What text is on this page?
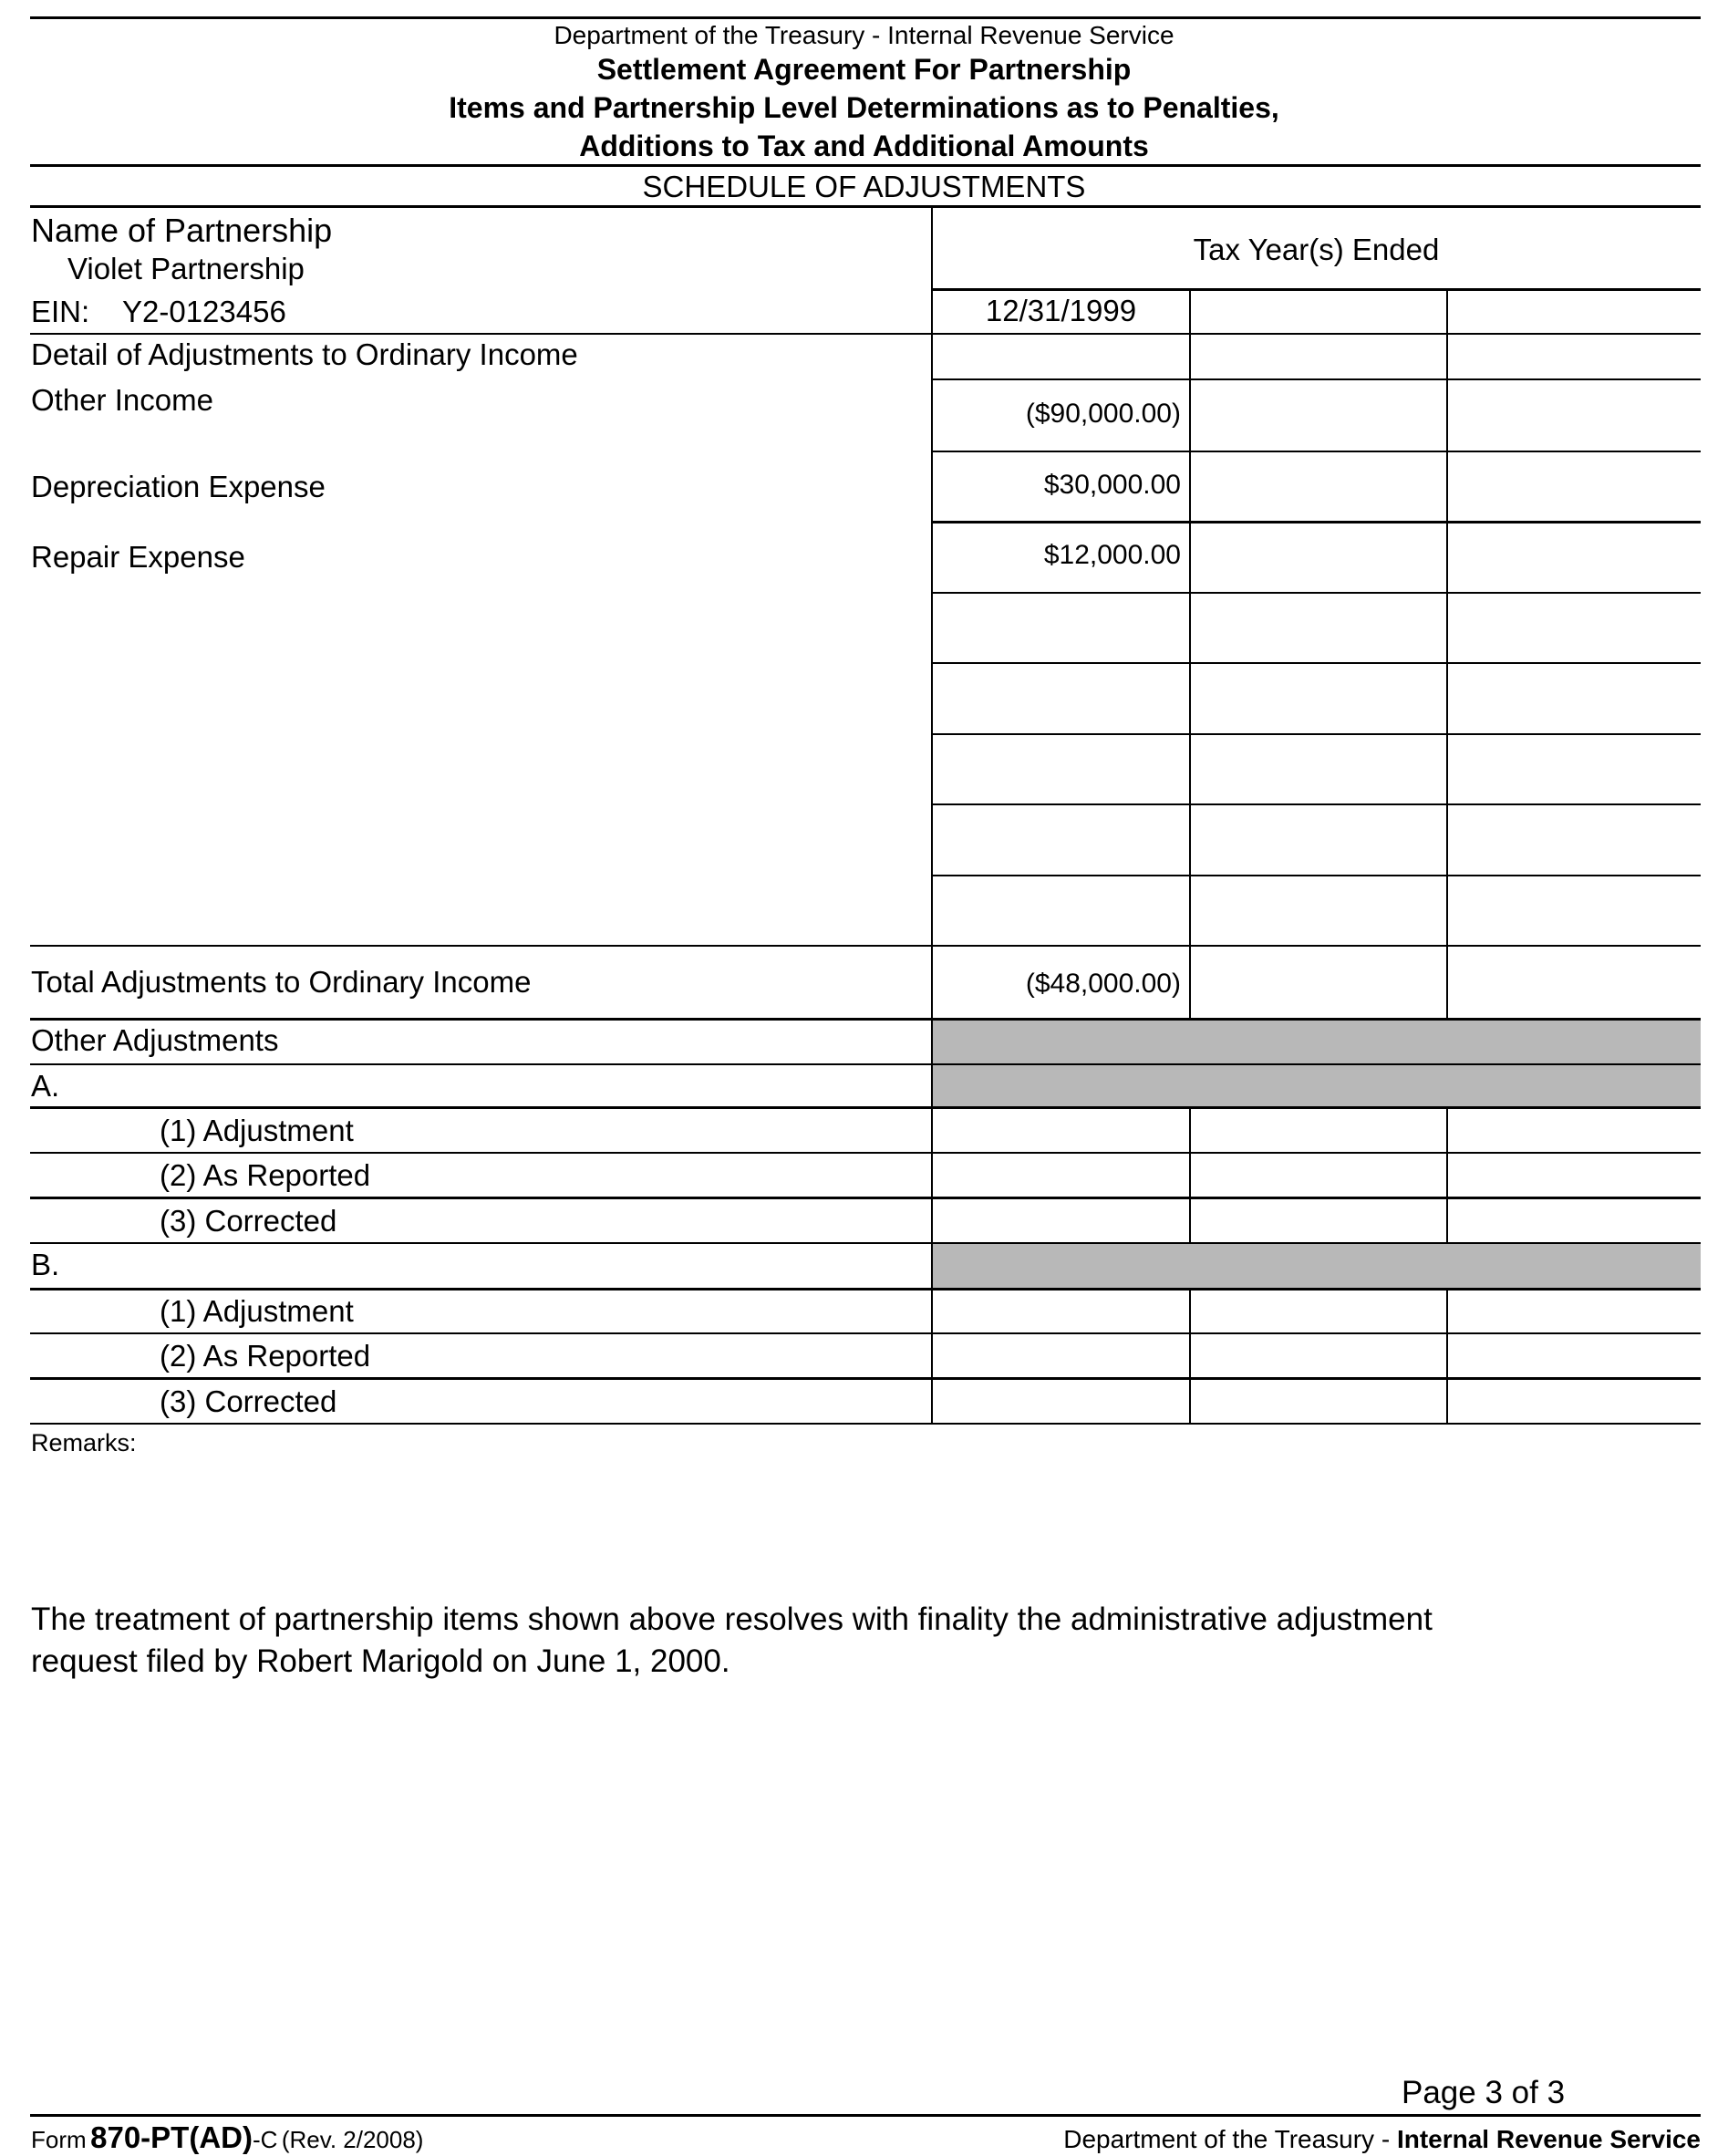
Department of the Treasury - Internal Revenue Service
Settlement Agreement For Partnership
Items and Partnership Level Determinations as to Penalties,
Additions to Tax and Additional Amounts
SCHEDULE OF ADJUSTMENTS
Name of Partnership
Violet Partnership
EIN: Y2-0123456
Tax Year(s) Ended
12/31/1999
Detail of Adjustments to Ordinary Income
Other Income	($90,000.00)
Depreciation Expense	$30,000.00
Repair Expense	$12,000.00
Total Adjustments to Ordinary Income	($48,000.00)
Other Adjustments
A.
(1) Adjustment
(2) As Reported
(3) Corrected
B.
(1) Adjustment
(2) As Reported
(3) Corrected
Remarks:
The treatment of partnership items shown above resolves with finality the administrative adjustment
request filed by Robert Marigold on June 1, 2000.
Page 3 of 3
Form 870-PT(AD)-C (Rev. 2/2008)	Department of the Treasury - Internal Revenue Service
